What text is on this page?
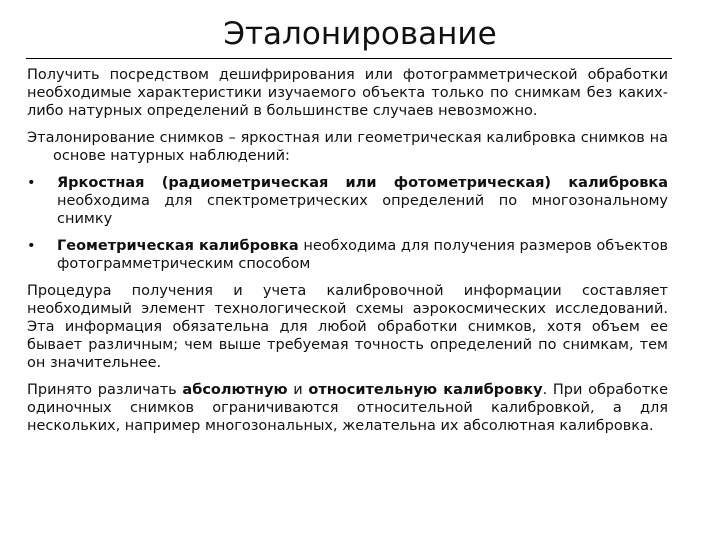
Эталонирование

Получить посредством дешифрирования или фотограмметрической обработки необходимые характеристики изучаемого объекта только по снимкам без каких-либо натурных определений в большинстве случаев невозможно.

Эталонирование снимков – яркостная или геометрическая калибровка снимков на основе натурных наблюдений:

•	Яркостная (радиометрическая или фотометрическая) калибровка необходима для спектрометрических определений по многозональному снимку
•	Геометрическая калибровка необходима для получения размеров объектов фотограмметрическим способом

Процедура получения и учета калибровочной информации составляет необходимый элемент технологической схемы аэрокосмических исследований. Эта информация обязательна для любой обработки снимков, хотя объем ее бывает различным; чем выше требуемая точность определений по снимкам, тем он значительнее.

Принято различать абсолютную и относительную калибровку. При обработке одиночных снимков ограничиваются относительной калибровкой, а для нескольких, например многозональных, желательна их абсолютная калибровка.
